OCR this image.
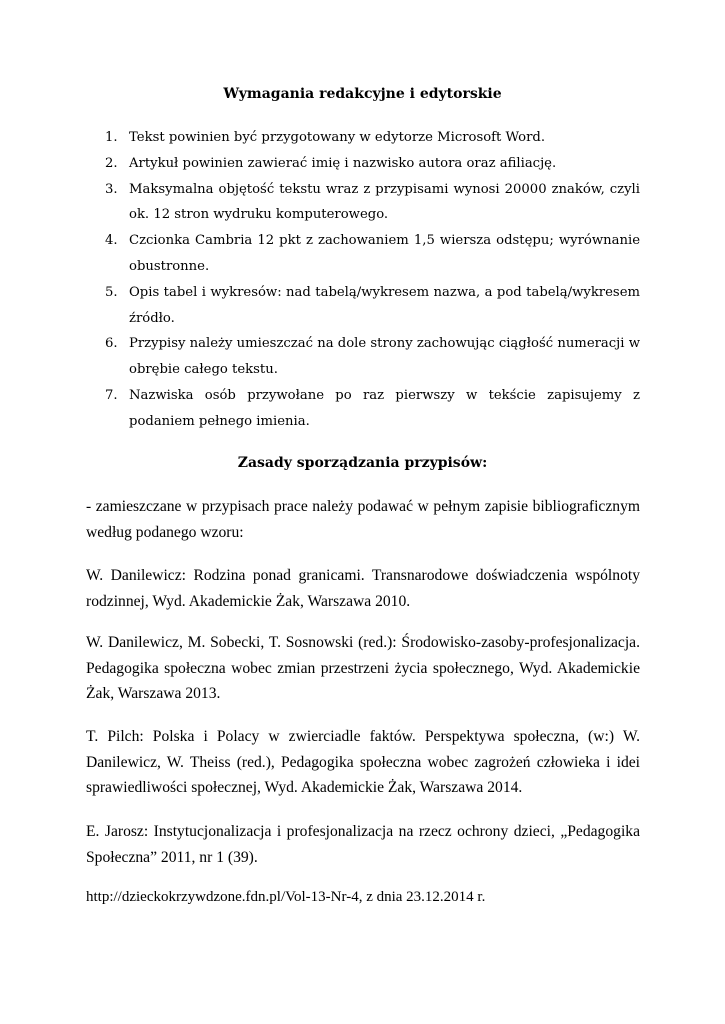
Wymagania redakcyjne i edytorskie
1. Tekst powinien być przygotowany w edytorze Microsoft Word.
2. Artykuł powinien zawierać imię i nazwisko autora oraz afiliację.
3. Maksymalna objętość tekstu wraz z przypisami wynosi 20000 znaków, czyli ok. 12 stron wydruku komputerowego.
4. Czcionka Cambria 12 pkt z zachowaniem 1,5 wiersza odstępu; wyrównanie obustronne.
5. Opis tabel i wykresów: nad tabelą/wykresem nazwa, a pod tabelą/wykresem źródło.
6. Przypisy należy umieszczać na dole strony zachowując ciągłość numeracji w obrębie całego tekstu.
7. Nazwiska osób przywołane po raz pierwszy w tekście zapisujemy z podaniem pełnego imienia.
Zasady sporządzania przypisów:

- zamieszczane w przypisach prace należy podawać w pełnym zapisie bibliograficznym według podanego wzoru:

W. Danilewicz: Rodzina ponad granicami. Transnarodowe doświadczenia wspólnoty rodzinnej, Wyd. Akademickie Żak, Warszawa 2010.

W. Danilewicz, M. Sobecki, T. Sosnowski (red.): Środowisko-zasoby-profesjonalizacja. Pedagogika społeczna wobec zmian przestrzeni życia społecznego, Wyd. Akademickie Żak, Warszawa 2013.

T. Pilch: Polska i Polacy w zwierciadle faktów. Perspektywa społeczna, (w:) W. Danilewicz, W. Theiss (red.), Pedagogika społeczna wobec zagrożeń człowieka i idei sprawiedliwości społecznej, Wyd. Akademickie Żak, Warszawa 2014.

E. Jarosz: Instytucjonalizacja i profesjonalizacja na rzecz ochrony dzieci, „Pedagogika Społeczna” 2011, nr 1 (39).

http://dzieckokrzywdzone.fdn.pl/Vol-13-Nr-4, z dnia 23.12.2014 r.
